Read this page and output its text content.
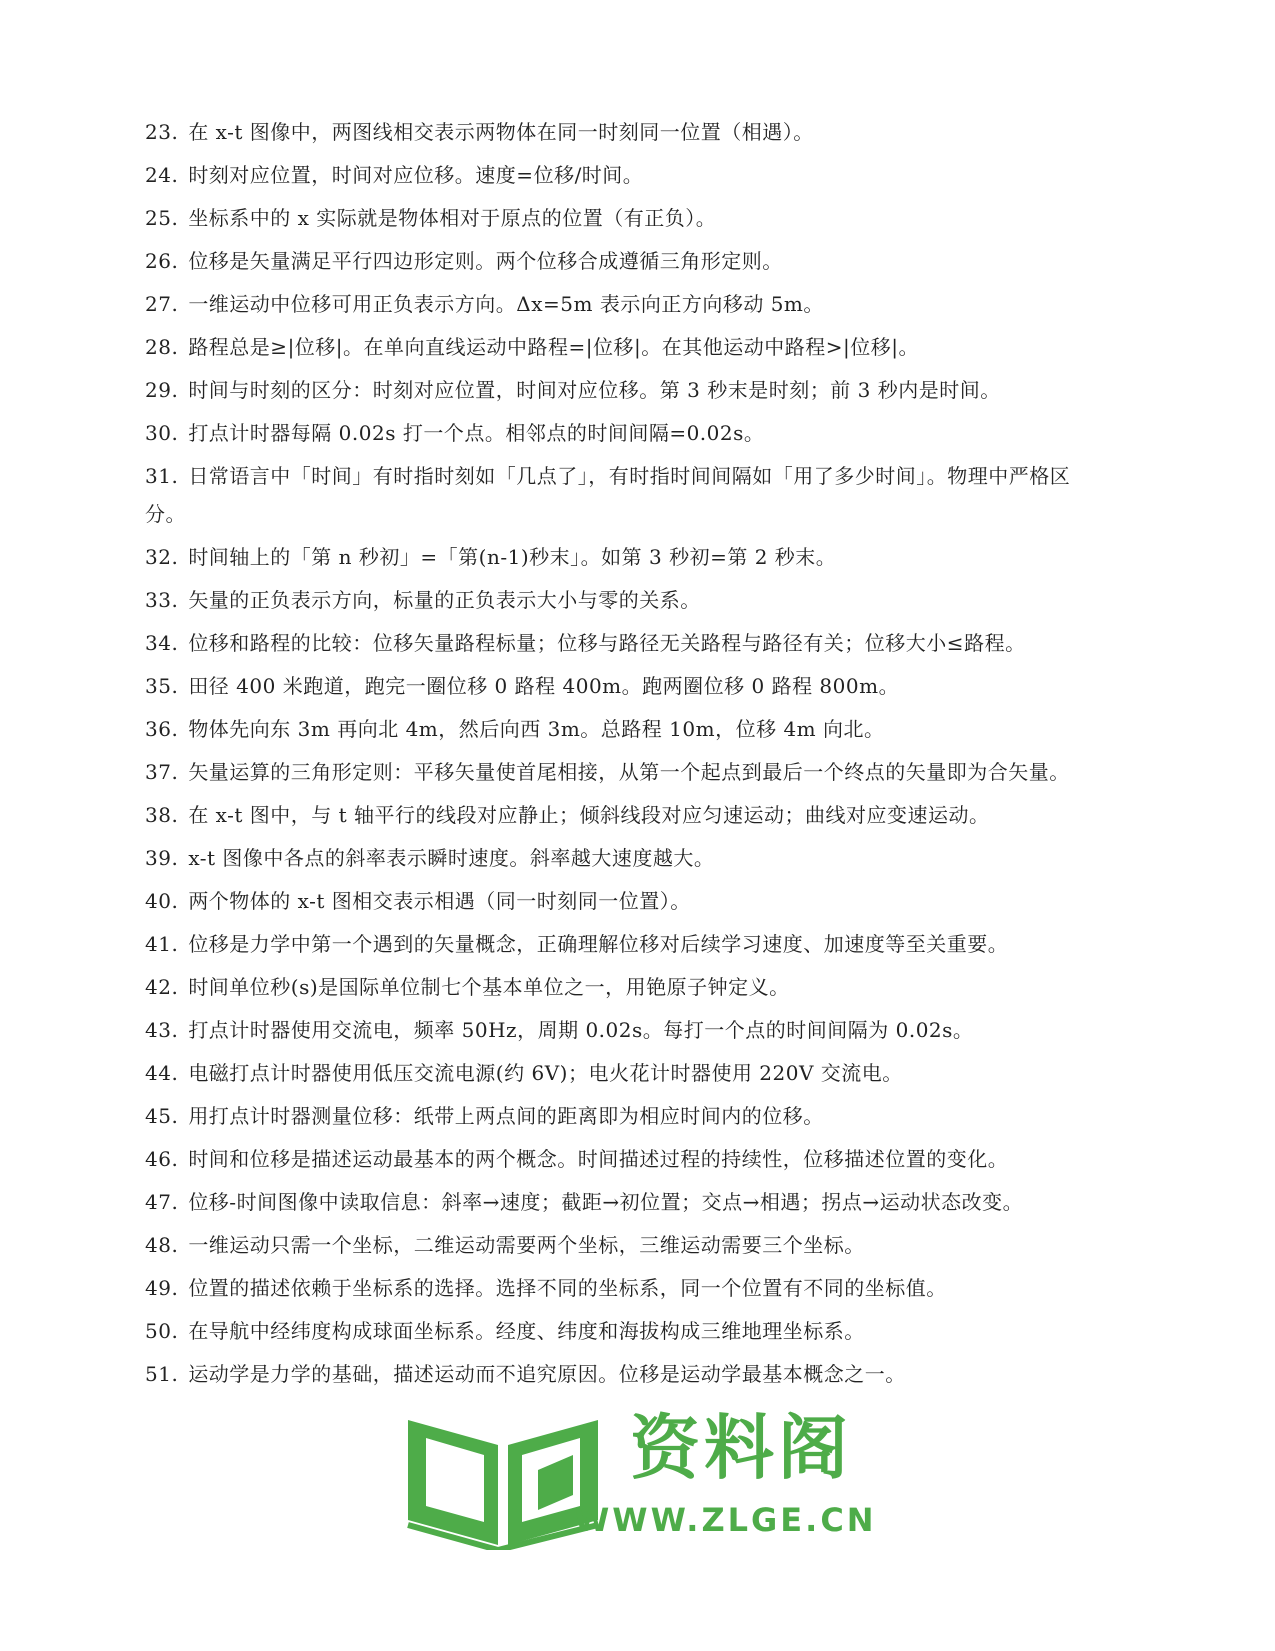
23. 在 x-t 图像中，两图线相交表示两物体在同一时刻同一位置（相遇）。
24. 时刻对应位置，时间对应位移。速度=位移/时间。
25. 坐标系中的 x 实际就是物体相对于原点的位置（有正负）。
26. 位移是矢量满足平行四边形定则。两个位移合成遵循三角形定则。
27. 一维运动中位移可用正负表示方向。Δx=5m 表示向正方向移动 5m。
28. 路程总是≥|位移|。在单向直线运动中路程=|位移|。在其他运动中路程>|位移|。
29. 时间与时刻的区分：时刻对应位置，时间对应位移。第 3 秒末是时刻；前 3 秒内是时间。
30. 打点计时器每隔 0.02s 打一个点。相邻点的时间间隔=0.02s。
31. 日常语言中「时间」有时指时刻如「几点了」，有时指时间间隔如「用了多少时间」。物理中严格区分。
32. 时间轴上的「第 n 秒初」=「第(n-1)秒末」。如第 3 秒初=第 2 秒末。
33. 矢量的正负表示方向，标量的正负表示大小与零的关系。
34. 位移和路程的比较：位移矢量路程标量；位移与路径无关路程与路径有关；位移大小≤路程。
35. 田径 400 米跑道，跑完一圈位移 0 路程 400m。跑两圈位移 0 路程 800m。
36. 物体先向东 3m 再向北 4m，然后向西 3m。总路程 10m，位移 4m 向北。
37. 矢量运算的三角形定则：平移矢量使首尾相接，从第一个起点到最后一个终点的矢量即为合矢量。
38. 在 x-t 图中，与 t 轴平行的线段对应静止；倾斜线段对应匀速运动；曲线对应变速运动。
39. x-t 图像中各点的斜率表示瞬时速度。斜率越大速度越大。
40. 两个物体的 x-t 图相交表示相遇（同一时刻同一位置）。
41. 位移是力学中第一个遇到的矢量概念，正确理解位移对后续学习速度、加速度等至关重要。
42. 时间单位秒(s)是国际单位制七个基本单位之一，用铯原子钟定义。
43. 打点计时器使用交流电，频率 50Hz，周期 0.02s。每打一个点的时间间隔为 0.02s。
44. 电磁打点计时器使用低压交流电源(约 6V)；电火花计时器使用 220V 交流电。
45. 用打点计时器测量位移：纸带上两点间的距离即为相应时间内的位移。
46. 时间和位移是描述运动最基本的两个概念。时间描述过程的持续性，位移描述位置的变化。
47. 位移-时间图像中读取信息：斜率→速度；截距→初位置；交点→相遇；拐点→运动状态改变。
48. 一维运动只需一个坐标，二维运动需要两个坐标，三维运动需要三个坐标。
49. 位置的描述依赖于坐标系的选择。选择不同的坐标系，同一个位置有不同的坐标值。
50. 在导航中经纬度构成球面坐标系。经度、纬度和海拔构成三维地理坐标系。
51. 运动学是力学的基础，描述运动而不追究原因。位移是运动学最基本概念之一。
资料阁
WWW.ZLGE.CN
